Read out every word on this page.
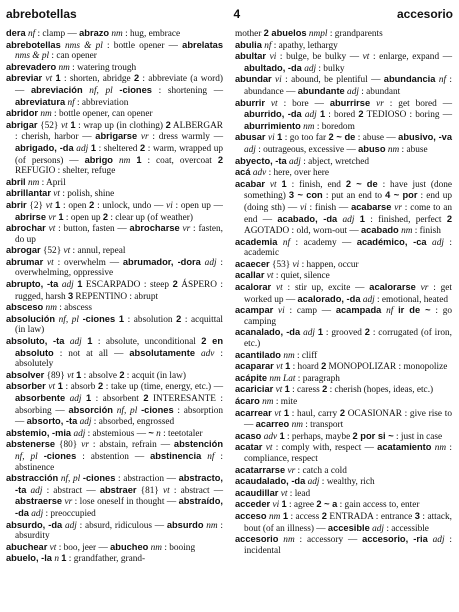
abrebotellas	4	accesorio

dera nf : clamp — abrazo nm : hug, embrace

abrebotellas nms & pl : bottle opener — abrelatas nms & pl : can opener

abrevadero nm : watering trough

abreviar vt 1 : shorten, abridge 2 : abbreviate (a word) — abreviación nf, pl -ciones : shortening — abreviatura nf : abbreviation

abridor nm : bottle opener, can opener

abrigar {52} vt 1 : wrap up (in clothing) 2 ALBERGAR : cherish, harbor — abrigarse vr : dress warmly — abrigado, -da adj 1 : sheltered 2 : warm, wrapped up (of persons) — abrigo nm 1 : coat, overcoat 2 REFUGIO : shelter, refuge

abril nm : April

abrillantar vt : polish, shine

abrir {2} vt 1 : open 2 : unlock, undo — vi : open up — abrirse vr 1 : open up 2 : clear up (of weather)

abrochar vt : button, fasten — abrocharse vr : fasten, do up

abrogar {52} vt : annul, repeal

abrumar vt : overwhelm — abrumador, -dora adj : overwhelming, oppressive

abrupto, -ta adj 1 ESCARPADO : steep 2 ÁSPERO : rugged, harsh 3 REPENTINO : abrupt

absceso nm : abscess

absolución nf, pl -ciones 1 : absolution 2 : acquittal (in law)

absoluto, -ta adj 1 : absolute, unconditional 2 en absoluto : not at all — absolutamente adv : absolutely

absolver {89} vt 1 : absolve 2 : acquit (in law)

absorber vt 1 : absorb 2 : take up (time, energy, etc.) — absorbente adj 1 : absorbent 2 INTERESANTE : absorbing — absorción nf, pl -ciones : absorption — absorto, -ta adj : absorbed, engrossed

abstemio, -mia adj : abstemious — ~ n : teetotaler

abstenerse {80} vr : abstain, refrain — abstención nf, pl -ciones : abstention — abstinencia nf : abstinence

abstracción nf, pl -ciones : abstraction — abstracto, -ta adj : abstract — abstraer {81} vt : abstract — abstraerse vr : lose oneself in thought — abstraído, -da adj : preoccupied

absurdo, -da adj : absurd, ridiculous — absurdo nm : absurdity

abuchear vt : boo, jeer — abucheo nm : booing

abuelo, -la n 1 : grandfather, grand-

mother 2 abuelos nmpl : grandparents

abulia nf : apathy, lethargy

abultar vi : bulge, be bulky — vt : enlarge, expand — abultado, -da adj : bulky

abundar vi : abound, be plentiful — abundancia nf : abundance — abundante adj : abundant

aburrir vt : bore — aburrirse vr : get bored — aburrido, -da adj 1 : bored 2 TEDIOSO : boring — aburrimiento nm : boredom

abusar vi 1 : go too far 2 ~ de : abuse — abusivo, -va adj : outrageous, excessive — abuso nm : abuse

abyecto, -ta adj : abject, wretched

acá adv : here, over here

acabar vt 1 : finish, end 2 ~ de : have just (done something) 3 ~ con : put an end to 4 ~ por : end up (doing sth) — vi : finish — acabarse vr : come to an end — acabado, -da adj 1 : finished, perfect 2 AGOTADO : old, worn-out — acabado nm : finish

academia nf : academy — académico, -ca adj : academic

acaecer {53} vi : happen, occur

acallar vt : quiet, silence

acalorar vt : stir up, excite — acalorarse vr : get worked up — acalorado, -da adj : emotional, heated

acampar vi : camp — acampada nf ir de ~ : go camping

acanalado, -da adj 1 : grooved 2 : corrugated (of iron, etc.)

acantilado nm : cliff

acaparar vt 1 : hoard 2 MONOPOLIZAR : monopolize

acápite nm Lat : paragraph

acariciar vt 1 : caress 2 : cherish (hopes, ideas, etc.)

ácaro nm : mite

acarrear vt 1 : haul, carry 2 OCASIONAR : give rise to — acarreo nm : transport

acaso adv 1 : perhaps, maybe 2 por si ~ : just in case

acatar vt : comply with, respect — acatamiento nm : compliance, respect

acatarrarse vr : catch a cold

acaudalado, -da adj : wealthy, rich

acaudillar vt : lead

acceder vi 1 : agree 2 ~ a : gain access to, enter

acceso nm 1 : access 2 ENTRADA : entrance 3 : attack, bout (of an illness) — accesible adj : accessible

accesorio nm : accessory — accesorio, -ria adj : incidental
